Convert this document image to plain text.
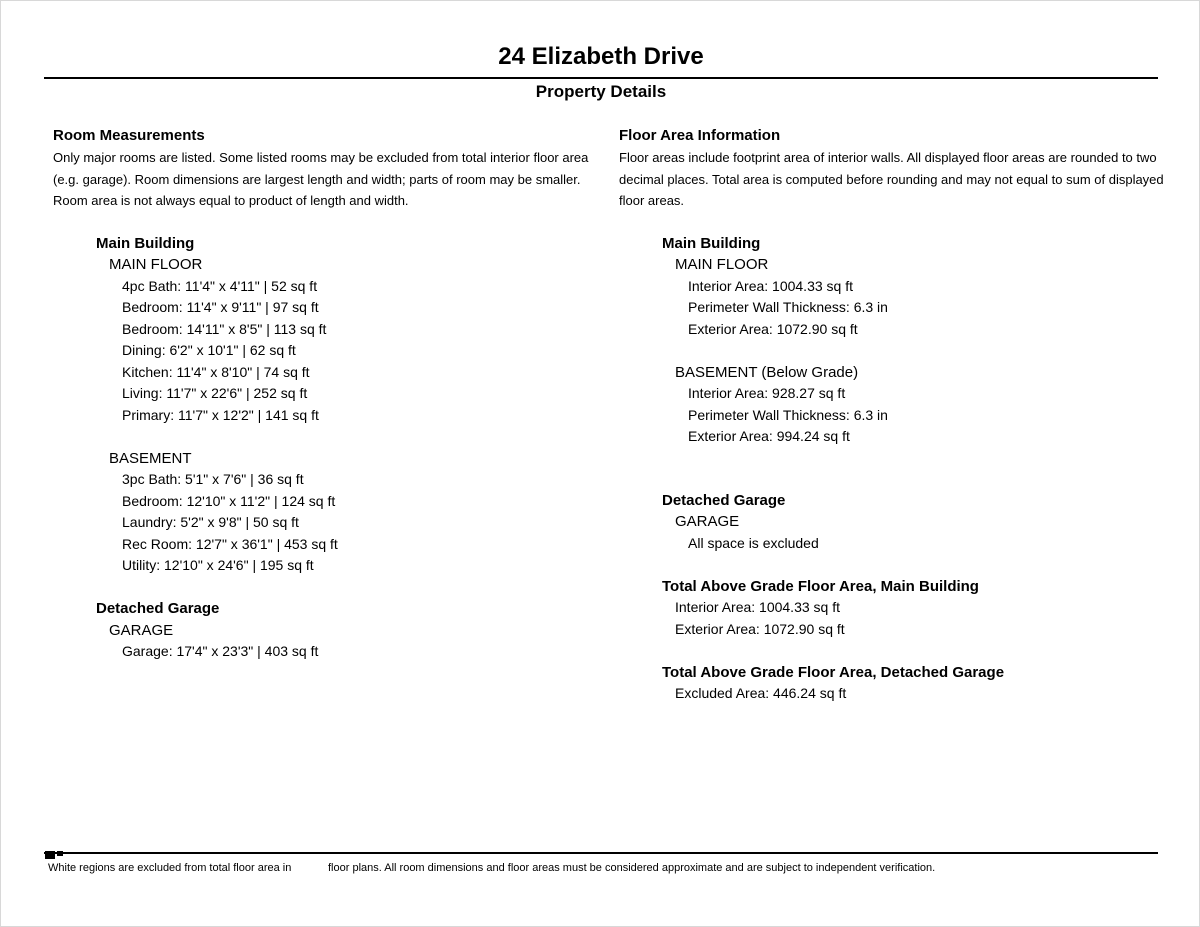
24 Elizabeth Drive
Property Details
Room Measurements
Only major rooms are listed. Some listed rooms may be excluded from total interior floor area (e.g. garage). Room dimensions are largest length and width; parts of room may be smaller. Room area is not always equal to product of length and width.
Main Building
MAIN FLOOR
4pc Bath: 11'4" x 4'11" | 52 sq ft
Bedroom: 11'4" x 9'11" | 97 sq ft
Bedroom: 14'11" x 8'5" | 113 sq ft
Dining: 6'2" x 10'1" | 62 sq ft
Kitchen: 11'4" x 8'10" | 74 sq ft
Living: 11'7" x 22'6" | 252 sq ft
Primary: 11'7" x 12'2" | 141 sq ft
BASEMENT
3pc Bath: 5'1" x 7'6" | 36 sq ft
Bedroom: 12'10" x 11'2" | 124 sq ft
Laundry: 5'2" x 9'8" | 50 sq ft
Rec Room: 12'7" x 36'1" | 453 sq ft
Utility: 12'10" x 24'6" | 195 sq ft
Detached Garage
GARAGE
Garage: 17'4" x 23'3" | 403 sq ft
Floor Area Information
Floor areas include footprint area of interior walls. All displayed floor areas are rounded to two decimal places. Total area is computed before rounding and may not equal to sum of displayed floor areas.
Main Building
MAIN FLOOR
Interior Area: 1004.33 sq ft
Perimeter Wall Thickness: 6.3 in
Exterior Area: 1072.90 sq ft
BASEMENT (Below Grade)
Interior Area: 928.27 sq ft
Perimeter Wall Thickness: 6.3 in
Exterior Area: 994.24 sq ft
Detached Garage
GARAGE
All space is excluded
Total Above Grade Floor Area, Main Building
Interior Area: 1004.33 sq ft
Exterior Area: 1072.90 sq ft
Total Above Grade Floor Area, Detached Garage
Excluded Area: 446.24 sq ft
White regions are excluded from total floor area in	floor plans. All room dimensions and floor areas must be considered approximate and are subject to independent verification.
